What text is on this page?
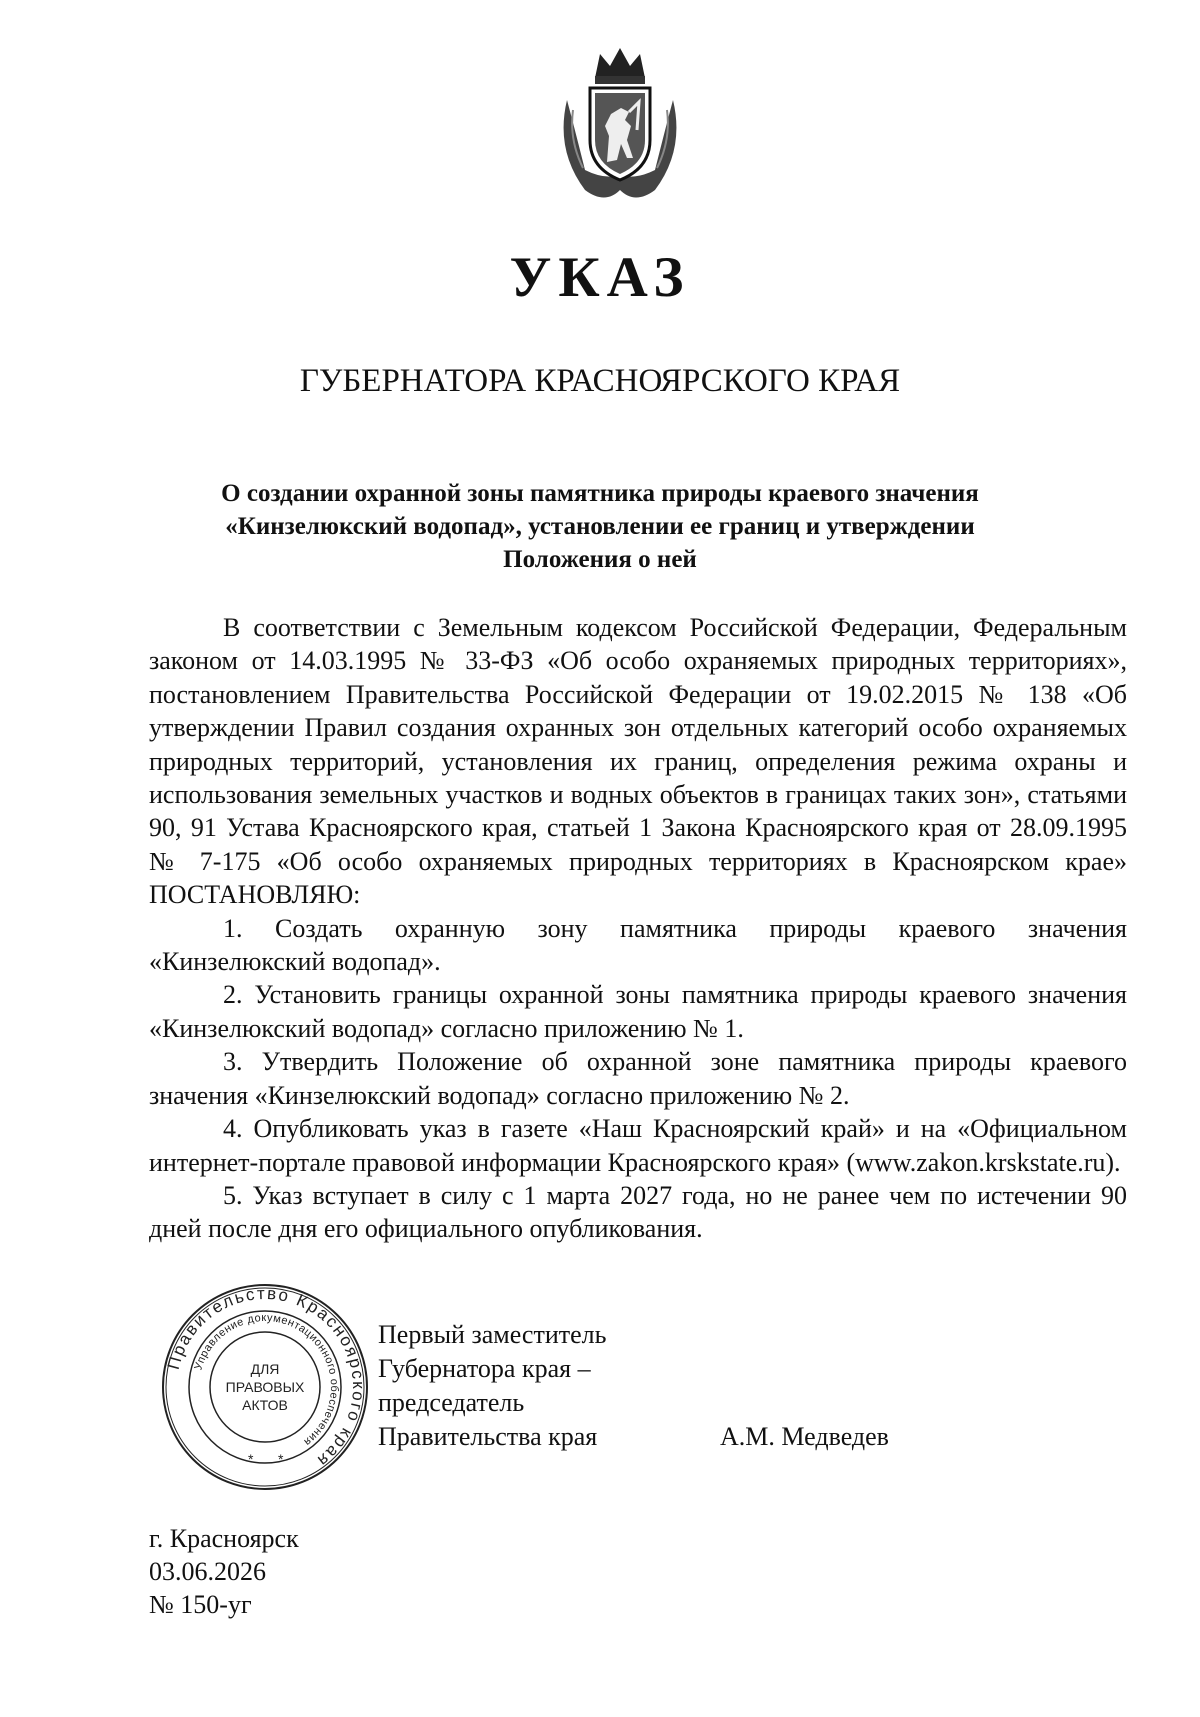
УКАЗ
ГУБЕРНАТОРА КРАСНОЯРСКОГО КРАЯ
О создании охранной зоны памятника природы краевого значения
«Кинзелюкский водопад», установлении ее границ и утверждении
Положения о ней

В соответствии с Земельным кодексом Российской Федерации, Федеральным законом от 14.03.1995 № 33-ФЗ «Об особо охраняемых природных территориях», постановлением Правительства Российской Федерации от 19.02.2015 № 138 «Об утверждении Правил создания охранных зон отдельных категорий особо охраняемых природных территорий, установления их границ, определения режима охраны и использования земельных участков и водных объектов в границах таких зон», статьями 90, 91 Устава Красноярского края, статьей 1 Закона Красноярского края от 28.09.1995 № 7-175 «Об особо охраняемых природных территориях в Красноярском крае» ПОСТАНОВЛЯЮ:

1. Создать охранную зону памятника природы краевого значения «Кинзелюкский водопад».

2. Установить границы охранной зоны памятника природы краевого значения «Кинзелюкский водопад» согласно приложению № 1.

3. Утвердить Положение об охранной зоне памятника природы краевого значения «Кинзелюкский водопад» согласно приложению № 2.

4. Опубликовать указ в газете «Наш Красноярский край» и на «Официальном интернет-портале правовой информации Красноярского края» (www.zakon.krskstate.ru).

5. Указ вступает в силу с 1 марта 2027 года, но не ранее чем по истечении 90 дней после дня его официального опубликования.

Правительство Красноярского края
Управление документационного обеспечения
ДЛЯ
ПРАВОВЫХ
АКТОВ
* *
Первый заместитель
Губернатора края –
председатель
Правительства края	А.М. Медведев
г. Красноярск
03.06.2026
№ 150-уг
